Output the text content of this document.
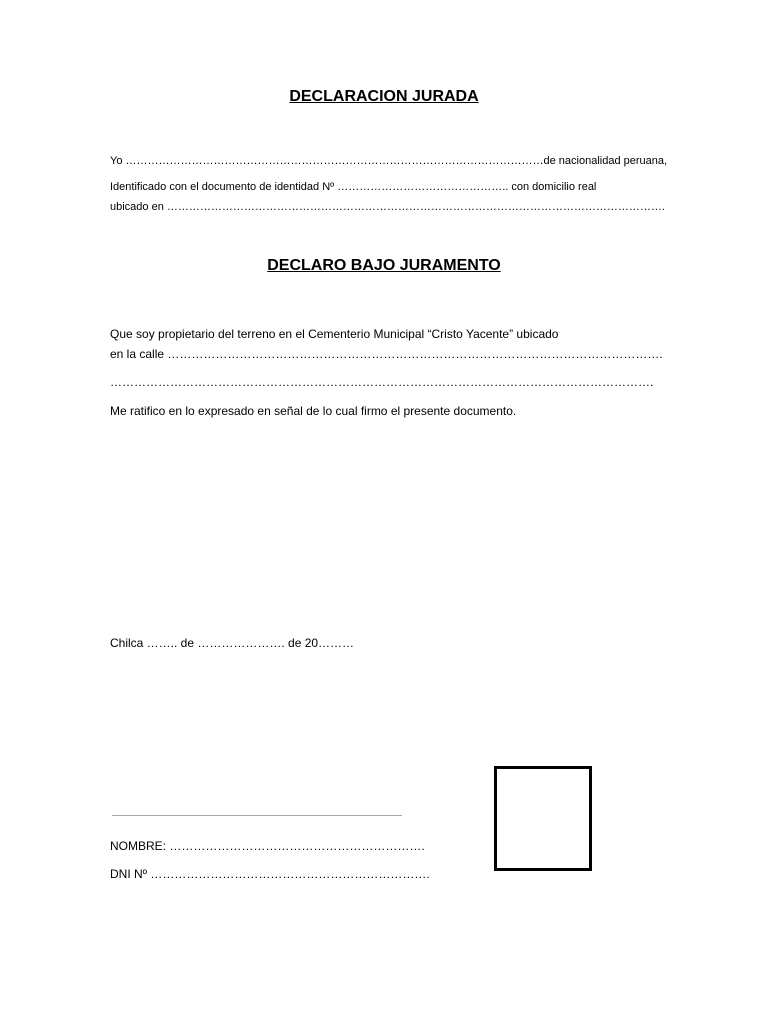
DECLARACION JURADA
Yo ……………………………………………………………………………………………………de nacionalidad peruana,
Identificado con el documento de identidad Nº ……………………………………….. con domicilio real
ubicado en ……………………………………………………………………………………………………………………….
DECLARO BAJO JURAMENTO
Que soy propietario del terreno en el Cementerio Municipal “Cristo Yacente” ubicado
en la calle …………………………………………………………………………………………………………….
……………………………………………………………………………………………………………………….
Me ratifico en lo expresado en señal de lo cual firmo el presente documento.
Chilca …….. de …………………. de 20………
NOMBRE: ……………………………………………………….
DNI Nº …………………………………………………………….
